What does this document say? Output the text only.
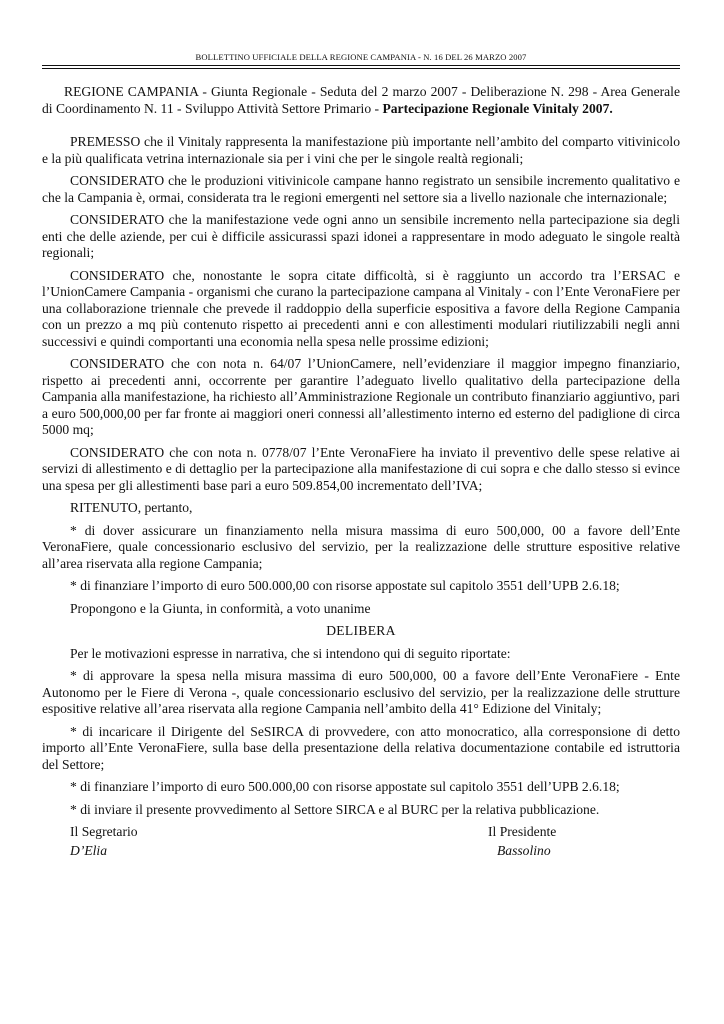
BOLLETTINO UFFICIALE DELLA REGIONE CAMPANIA - N. 16 DEL 26 MARZO 2007

REGIONE CAMPANIA - Giunta Regionale - Seduta del 2 marzo 2007 - Deliberazione N. 298 - Area Generale di Coordinamento N. 11 - Sviluppo Attività Settore Primario - Partecipazione Regionale Vinitaly 2007.

PREMESSO che il Vinitaly rappresenta la manifestazione più importante nell’ambito del comparto vitivinicolo e la più qualificata vetrina internazionale sia per i vini che per le singole realtà regionali;

CONSIDERATO che le produzioni vitivinicole campane hanno registrato un sensibile incremento qualitativo e che la Campania è, ormai, considerata tra le regioni emergenti nel settore sia a livello nazionale che internazionale;

CONSIDERATO che la manifestazione vede ogni anno un sensibile incremento nella partecipazione sia degli enti che delle aziende, per cui è difficile assicurassi spazi idonei a rappresentare in modo adeguato le singole realtà regionali;

CONSIDERATO che, nonostante le sopra citate difficoltà, si è raggiunto un accordo tra l’ERSAC e l’UnionCamere Campania - organismi che curano la partecipazione campana al Vinitaly - con l’Ente VeronaFiere per una collaborazione triennale che prevede il raddoppio della superficie espositiva a favore della Regione Campania con un prezzo a mq più contenuto rispetto ai precedenti anni e con allestimenti modulari riutilizzabili negli anni successivi e quindi comportanti una economia nella spesa nelle prossime edizioni;

CONSIDERATO che con nota n. 64/07 l’UnionCamere, nell’evidenziare il maggior impegno finanziario, rispetto ai precedenti anni, occorrente per garantire l’adeguato livello qualitativo della partecipazione della Campania alla manifestazione, ha richiesto all’Amministrazione Regionale un contributo finanziario aggiuntivo, pari a euro 500,000,00 per far fronte ai maggiori oneri connessi all’allestimento interno ed esterno del padiglione di circa 5000 mq;

CONSIDERATO che con nota n. 0778/07 l’Ente VeronaFiere ha inviato il preventivo delle spese relative ai servizi di allestimento e di dettaglio per la partecipazione alla manifestazione di cui sopra e che dallo stesso si evince una spesa per gli allestimenti base pari a euro 509.854,00 incrementato dell’IVA;

RITENUTO, pertanto,

* di dover assicurare un finanziamento nella misura massima di euro 500,000, 00 a favore dell’Ente VeronaFiere, quale concessionario esclusivo del servizio, per la realizzazione delle strutture espositive relative all’area riservata alla regione Campania;

* di finanziare l’importo di euro 500.000,00 con risorse appostate sul capitolo 3551 dell’UPB 2.6.18;

Propongono e la Giunta, in conformità, a voto unanime

DELIBERA

Per le motivazioni espresse in narrativa, che si intendono qui di seguito riportate:

* di approvare la spesa nella misura massima di euro 500,000, 00 a favore dell’Ente VeronaFiere - Ente Autonomo per le Fiere di Verona -, quale concessionario esclusivo del servizio, per la realizzazione delle strutture espositive relative all’area riservata alla regione Campania nell’ambito della 41° Edizione del Vinitaly;

* di incaricare il Dirigente del SeSIRCA di provvedere, con atto monocratico, alla corresponsione di detto importo all’Ente VeronaFiere, sulla base della presentazione della relativa documentazione contabile ed istruttoria del Settore;

* di finanziare l’importo di euro 500.000,00 con risorse appostate sul capitolo 3551 dell’UPB 2.6.18;

* di inviare il presente provvedimento al Settore SIRCA e al BURC per la relativa pubblicazione.

Il Segretario
D’Elia
Il Presidente
Bassolino
